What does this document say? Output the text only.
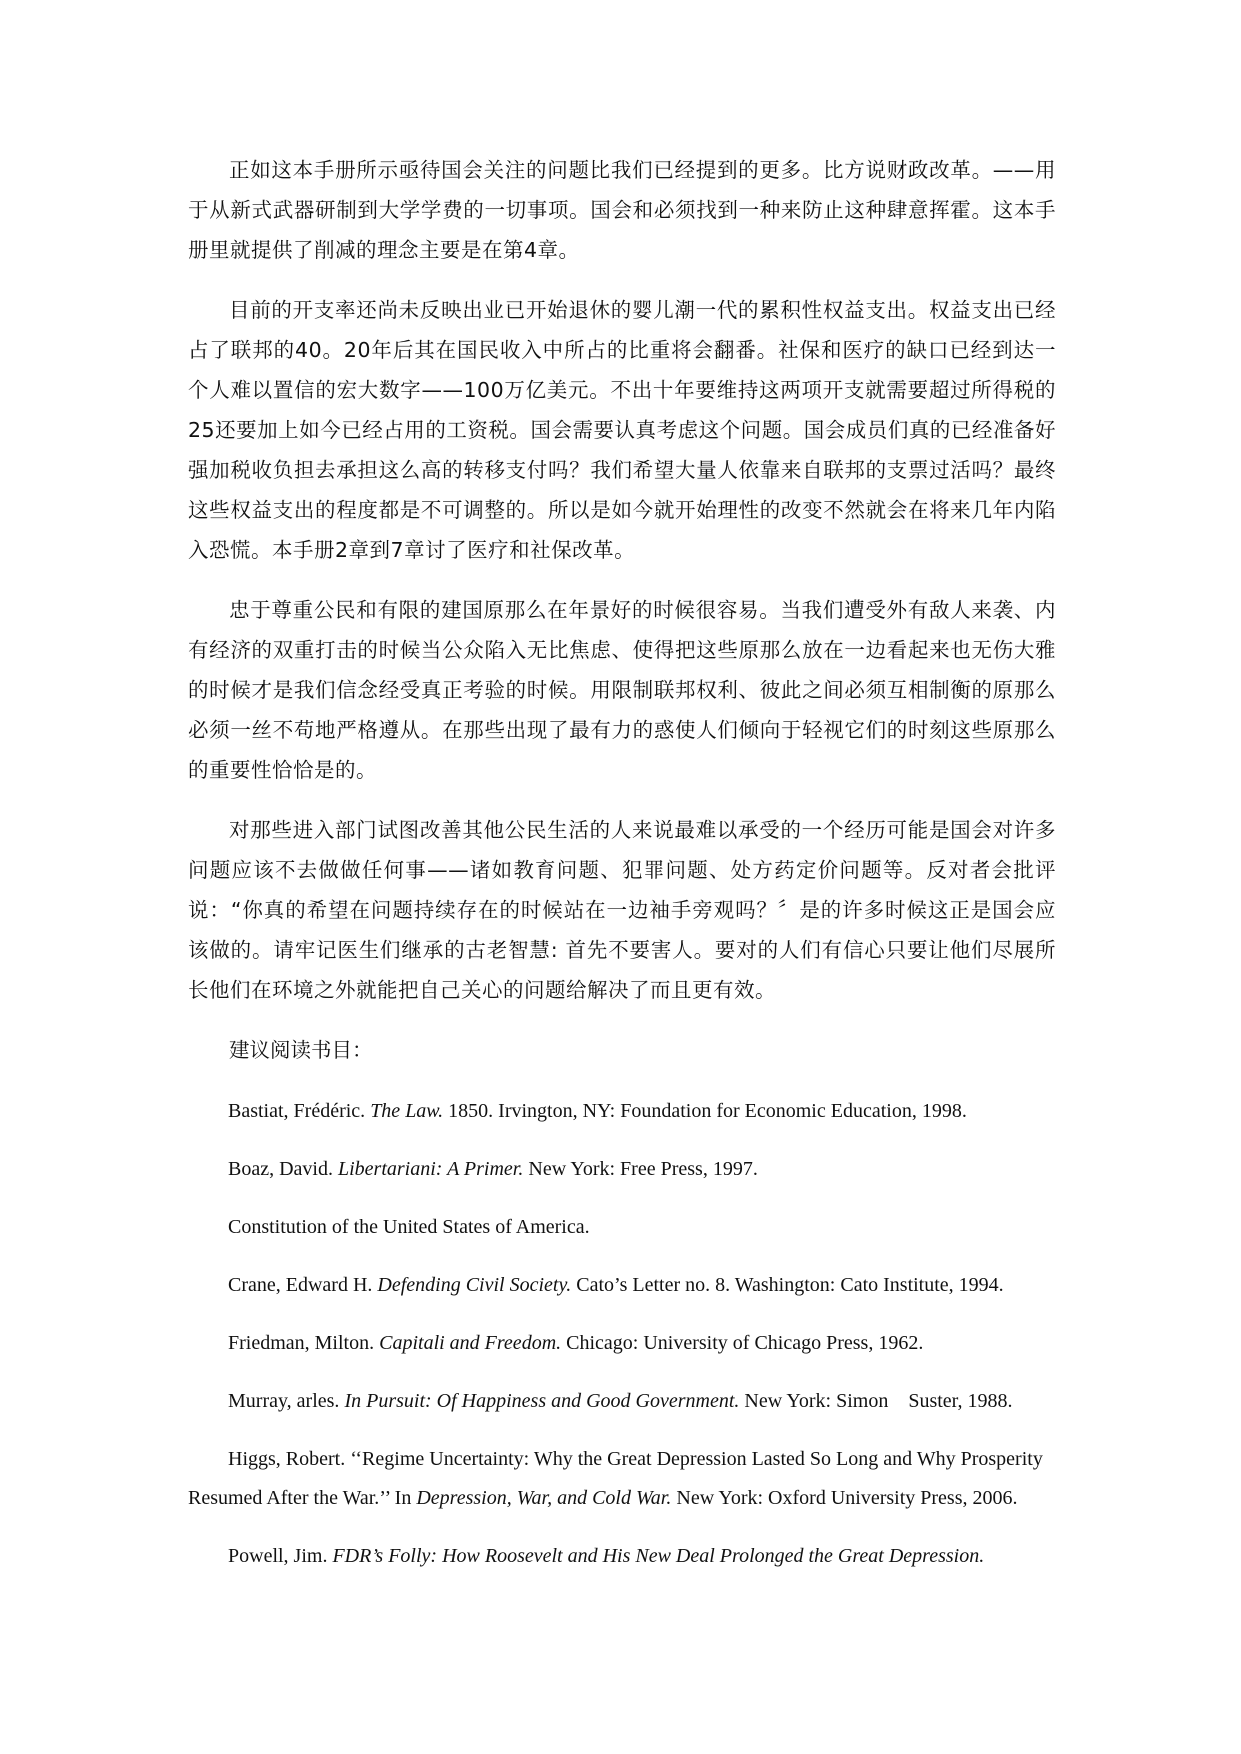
正如这本手册所示亟待国会关注的问题比我们已经提到的更多。比方说财政改革。——用于从新式武器研制到大学学费的一切事项。国会和必须找到一种来防止这种肆意挥霍。这本手册里就提供了削减的理念主要是在第4章。

目前的开支率还尚未反映出业已开始退休的婴儿潮一代的累积性权益支出。权益支出已经占了联邦的40。20年后其在国民收入中所占的比重将会翻番。社保和医疗的缺口已经到达一个人难以置信的宏大数字——100万亿美元。不出十年要维持这两项开支就需要超过所得税的25还要加上如今已经占用的工资税。国会需要认真考虑这个问题。国会成员们真的已经准备好强加税收负担去承担这么高的转移支付吗？我们希望大量人依靠来自联邦的支票过活吗？最终这些权益支出的程度都是不可调整的。所以是如今就开始理性的改变不然就会在将来几年内陷入恐慌。本手册2章到7章讨了医疗和社保改革。

忠于尊重公民和有限的建国原那么在年景好的时候很容易。当我们遭受外有敌人来袭、内有经济的双重打击的时候当公众陷入无比焦虑、使得把这些原那么放在一边看起来也无伤大雅的时候才是我们信念经受真正考验的时候。用限制联邦权利、彼此之间必须互相制衡的原那么必须一丝不苟地严格遵从。在那些出现了最有力的惑使人们倾向于轻视它们的时刻这些原那么的重要性恰恰是的。

对那些进入部门试图改善其他公民生活的人来说最难以承受的一个经历可能是国会对许多问题应该不去做做任何事——诸如教育问题、犯罪问题、处方药定价问题等。反对者会批评说：“你真的希望在问题持续存在的时候站在一边袖手旁观吗？〞是的许多时候这正是国会应该做的。请牢记医生们继承的古老智慧: 首先不要害人。要对的人们有信心只要让他们尽展所长他们在环境之外就能把自己关心的问题给解决了而且更有效。

建议阅读书目：

Bastiat, Frédéric. The Law. 1850. Irvington, NY: Foundation for Economic Education, 1998.

Boaz, David. Libertariani: A Primer. New York: Free Press, 1997.

Constitution of the United States of America.

Crane, Edward H. Defending Civil Society. Cato’s Letter no. 8. Washington: Cato Institute, 1994.

Friedman, Milton. Capitali and Freedom. Chicago: University of Chicago Press, 1962.

Murray, arles. In Pursuit: Of Happiness and Good Government. New York: Simon    Suster, 1988.

Higgs, Robert. ‘‘Regime Uncertainty: Why the Great Depression Lasted So Long and Why Prosperity Resumed After the War.’’ In Depression, War, and Cold War. New York: Oxford University Press, 2006.

Powell, Jim. FDR’s Folly: How Roosevelt and His New Deal Prolonged the Great Depression.
